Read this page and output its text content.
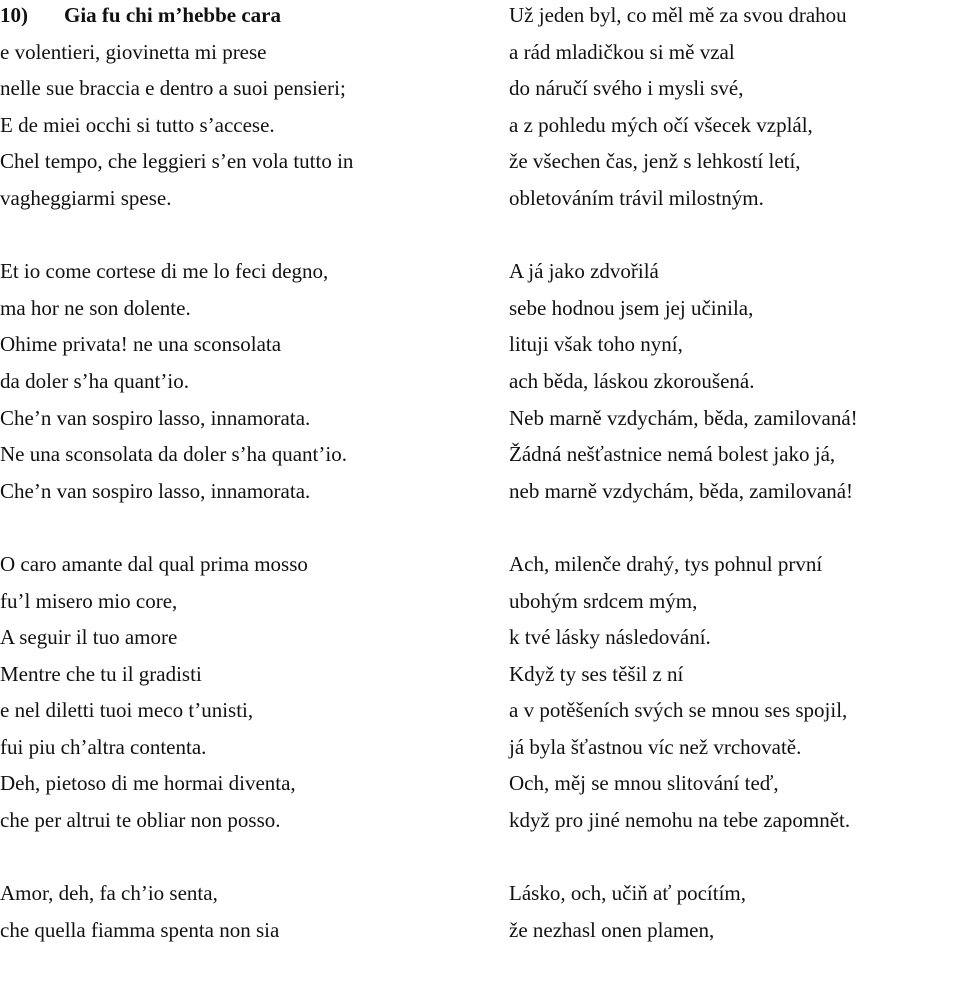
10)	Gia fu chi m’hebbe cara
e volentieri, giovinetta mi prese
nelle sue braccia e dentro a suoi pensieri;
E de miei occhi si tutto s’accese.
Chel tempo, che leggieri s’en vola tutto in
vagheggiarmi spese.
Et io come cortese di me lo feci degno,
ma hor ne son dolente.
Ohime privata! ne una sconsolata
da doler s’ha quant’io.
Che’n van sospiro lasso, innamorata.
Ne una sconsolata da doler s’ha quant’io.
Che’n van sospiro lasso, innamorata.
O caro amante dal qual prima mosso
fu’l misero mio core,
A seguir il tuo amore
Mentre che tu il gradisti
e nel diletti tuoi meco t’unisti,
fui piu ch’altra contenta.
Deh, pietoso di me hormai diventa,
che per altrui te obliar non posso.
Amor, deh, fa ch’io senta,
che quella fiamma spenta non sia
Už jeden byl, co měl mě za svou drahou
a rád mladičkou si mě vzal
do náručí svého i mysli své,
a z pohledu mých očí všecek vzplál,
že všechen čas, jenž s lehkostí letí,
obletováním trávil milostným.
A já jako zdvořilá
sebe hodnou jsem jej učinila,
lituji však toho nyní,
ach běda, láskou zkoroušená.
Neb marně vzdychám, běda, zamilovaná!
Žádná nešťastnice nemá bolest jako já,
neb marně vzdychám, běda, zamilovaná!
Ach, milenče drahý, tys pohnul první
ubohým srdcem mým,
k tvé lásky následování.
Když ty ses těšil z ní
a v potěšeních svých se mnou ses spojil,
já byla šťastnou víc než vrchovatě.
Och, měj se mnou slitování teď,
když pro jiné nemohu na tebe zapomnět.
Lásko, och, učiň ať pocítím,
že nezhasl onen plamen,
